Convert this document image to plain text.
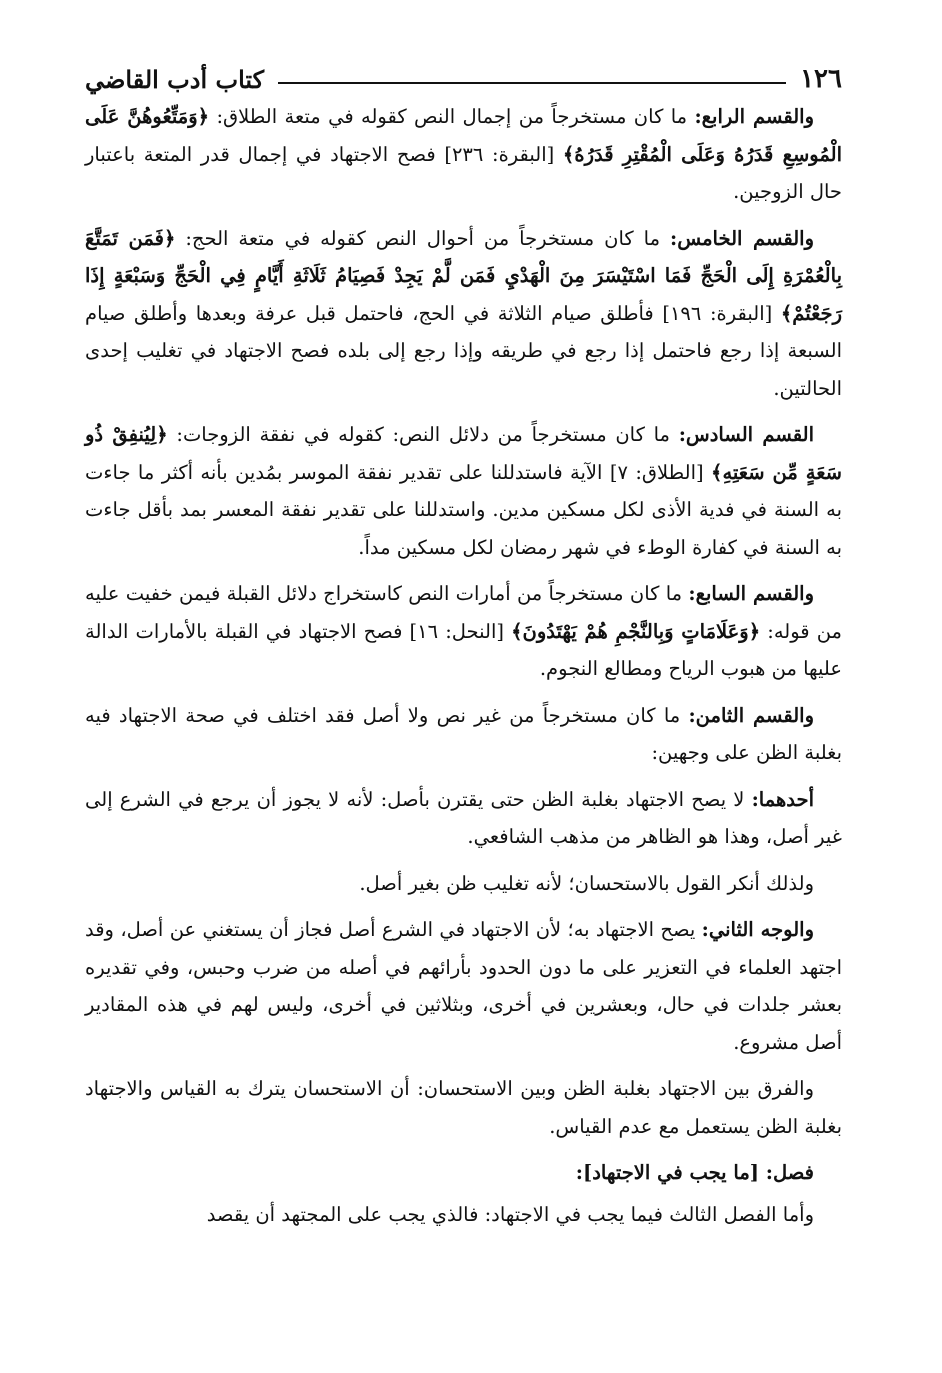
١٢٦
كتاب أدب القاضي

والقسم الرابع: ما كان مستخرجاً من إجمال النص كقوله في متعة الطلاق: ﴿وَمَتِّعُوهُنَّ عَلَى الْمُوسِعِ قَدَرُهُ وَعَلَى الْمُقْتِرِ قَدَرُهُ﴾ [البقرة: ٢٣٦] فصح الاجتهاد في إجمال قدر المتعة باعتبار حال الزوجين.

والقسم الخامس: ما كان مستخرجاً من أحوال النص كقوله في متعة الحج: ﴿فَمَن تَمَتَّعَ بِالْعُمْرَةِ إِلَى الْحَجِّ فَمَا اسْتَيْسَرَ مِنَ الْهَدْيِ فَمَن لَّمْ يَجِدْ فَصِيَامُ ثَلَاثَةِ أَيَّامٍ فِي الْحَجِّ وَسَبْعَةٍ إِذَا رَجَعْتُمْ﴾ [البقرة: ١٩٦] فأطلق صيام الثلاثة في الحج، فاحتمل قبل عرفة وبعدها وأطلق صيام السبعة إذا رجع فاحتمل إذا رجع في طريقه وإذا رجع إلى بلده فصح الاجتهاد في تغليب إحدى الحالتين.

القسم السادس: ما كان مستخرجاً من دلائل النص: كقوله في نفقة الزوجات: ﴿لِيُنفِقْ ذُو سَعَةٍ مِّن سَعَتِهِ﴾ [الطلاق: ٧] الآية فاستدللنا على تقدير نفقة الموسر بمُدين بأنه أكثر ما جاءت به السنة في فدية الأذى لكل مسكين مدين. واستدللنا على تقدير نفقة المعسر بمد بأقل جاءت به السنة في كفارة الوطء في شهر رمضان لكل مسكين مداً.

والقسم السابع: ما كان مستخرجاً من أمارات النص كاستخراج دلائل القبلة فيمن خفيت عليه من قوله: ﴿وَعَلَامَاتٍ وَبِالنَّجْمِ هُمْ يَهْتَدُونَ﴾ [النحل: ١٦] فصح الاجتهاد في القبلة بالأمارات الدالة عليها من هبوب الرياح ومطالع النجوم.

والقسم الثامن: ما كان مستخرجاً من غير نص ولا أصل فقد اختلف في صحة الاجتهاد فيه بغلبة الظن على وجهين:

أحدهما: لا يصح الاجتهاد بغلبة الظن حتى يقترن بأصل: لأنه لا يجوز أن يرجع في الشرع إلى غير أصل، وهذا هو الظاهر من مذهب الشافعي.

ولذلك أنكر القول بالاستحسان؛ لأنه تغليب ظن بغير أصل.

والوجه الثاني: يصح الاجتهاد به؛ لأن الاجتهاد في الشرع أصل فجاز أن يستغني عن أصل، وقد اجتهد العلماء في التعزير على ما دون الحدود بأرائهم في أصله من ضرب وحبس، وفي تقديره بعشر جلدات في حال، وبعشرين في أخرى، وبثلاثين في أخرى، وليس لهم في هذه المقادير أصل مشروع.

والفرق بين الاجتهاد بغلبة الظن وبين الاستحسان: أن الاستحسان يترك به القياس والاجتهاد بغلبة الظن يستعمل مع عدم القياس.

فصل: [ما يجب في الاجتهاد]:

وأما الفصل الثالث فيما يجب في الاجتهاد: فالذي يجب على المجتهد أن يقصد
